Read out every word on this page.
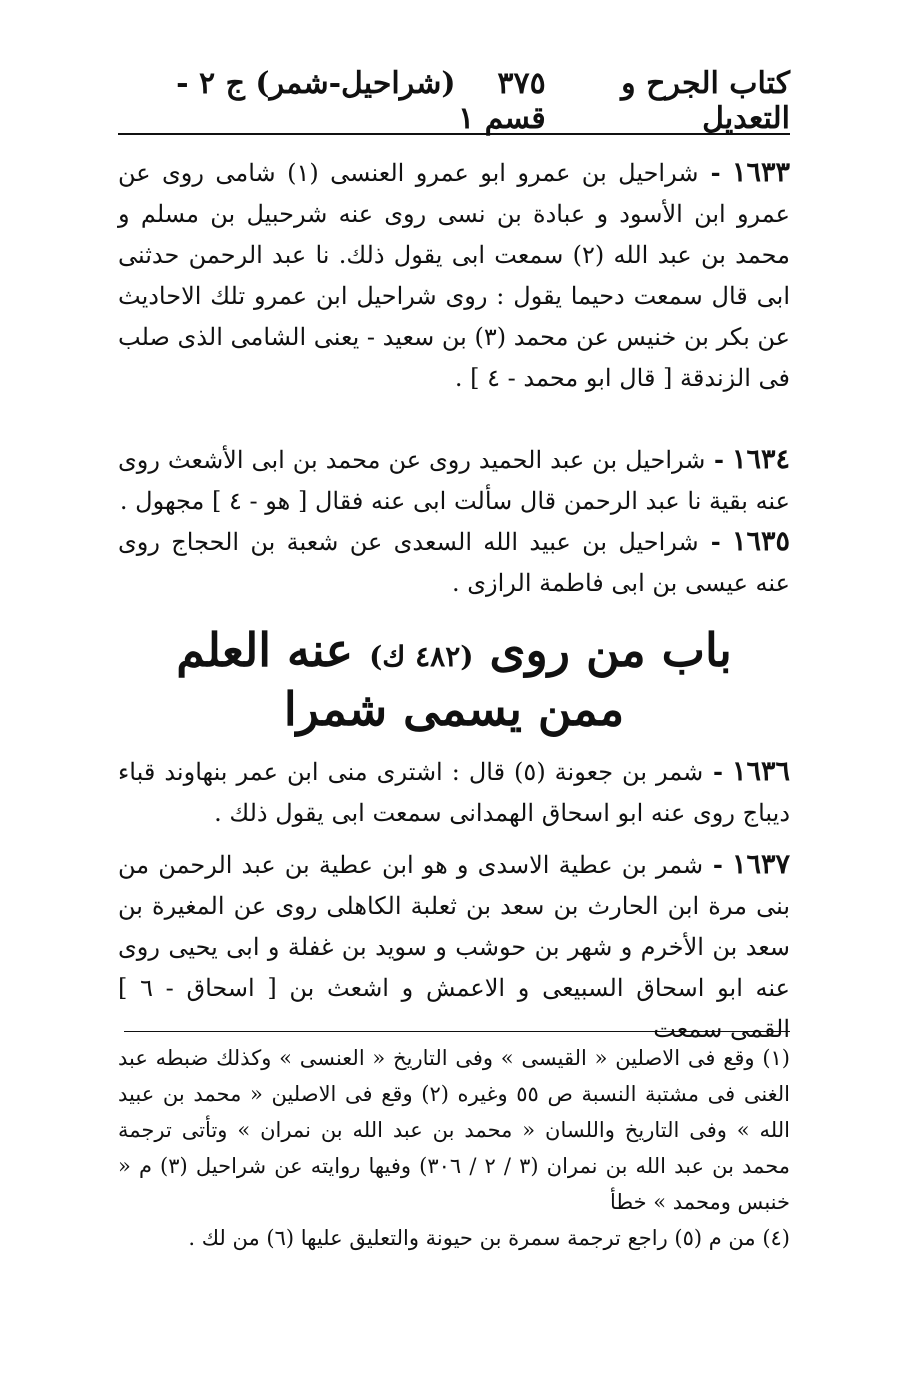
كتاب الجرح و التعديل
٣٧٥    (شراحيل-شمر) ج ٢ - قسم ١
١٦٣٣ - شراحيل بن عمرو ابو عمرو العنسى (١) شامى روى عن عمرو ابن الأسود و عبادة بن نسى روى عنه شرحبيل بن مسلم و محمد بن عبد الله (٢) سمعت ابى يقول ذلك. نا عبد الرحمن حدثنى ابى قال سمعت دحيما يقول : روى شراحيل ابن عمرو تلك الاحاديث عن بكر بن خنيس عن محمد (٣) بن سعيد - يعنى الشامى الذى صلب فى الزندقة [ قال ابو محمد - ٤ ] .
١٦٣٤ - شراحيل بن عبد الحميد روى عن محمد بن ابى الأشعث روى عنه بقية نا عبد الرحمن قال سألت ابى عنه فقال [ هو - ٤ ] مجهول .
١٦٣٥ - شراحيل بن عبيد الله السعدى عن شعبة بن الحجاج روى عنه عيسى بن ابى فاطمة الرازى .
باب من روى (٤٨٢ ك) عنه العلم
ممن يسمى شمرا
١٦٣٦ - شمر بن جعونة (٥) قال : اشترى منى ابن عمر بنهاوند قباء ديباج روى عنه ابو اسحاق الهمدانى سمعت ابى يقول ذلك .
١٦٣٧ - شمر بن عطية الاسدى و هو ابن عطية بن عبد الرحمن من بنى مرة ابن الحارث بن سعد بن ثعلبة الكاهلى روى عن المغيرة بن سعد بن الأخرم و شهر بن حوشب و سويد بن غفلة و ابى يحيى روى عنه ابو اسحاق السبيعى و الاعمش و اشعث بن [ اسحاق - ٦ ] القمى سمعت

(١) وقع فى الاصلين « القيسى » وفى التاريخ « العنسى » وكذلك ضبطه عبد الغنى فى مشتبة النسبة ص ٥٥ وغيره (٢) وقع فى الاصلين « محمد بن عبيد الله » وفى التاريخ واللسان « محمد بن عبد الله بن نمران » وتأتى ترجمة محمد بن عبد الله بن نمران (٣ / ٢ / ٣٠٦) وفيها روايته عن شراحيل (٣) م « خنبس ومحمد » خطأ

(٤) من م (٥) راجع ترجمة سمرة بن حيونة والتعليق عليها (٦) من لك .
